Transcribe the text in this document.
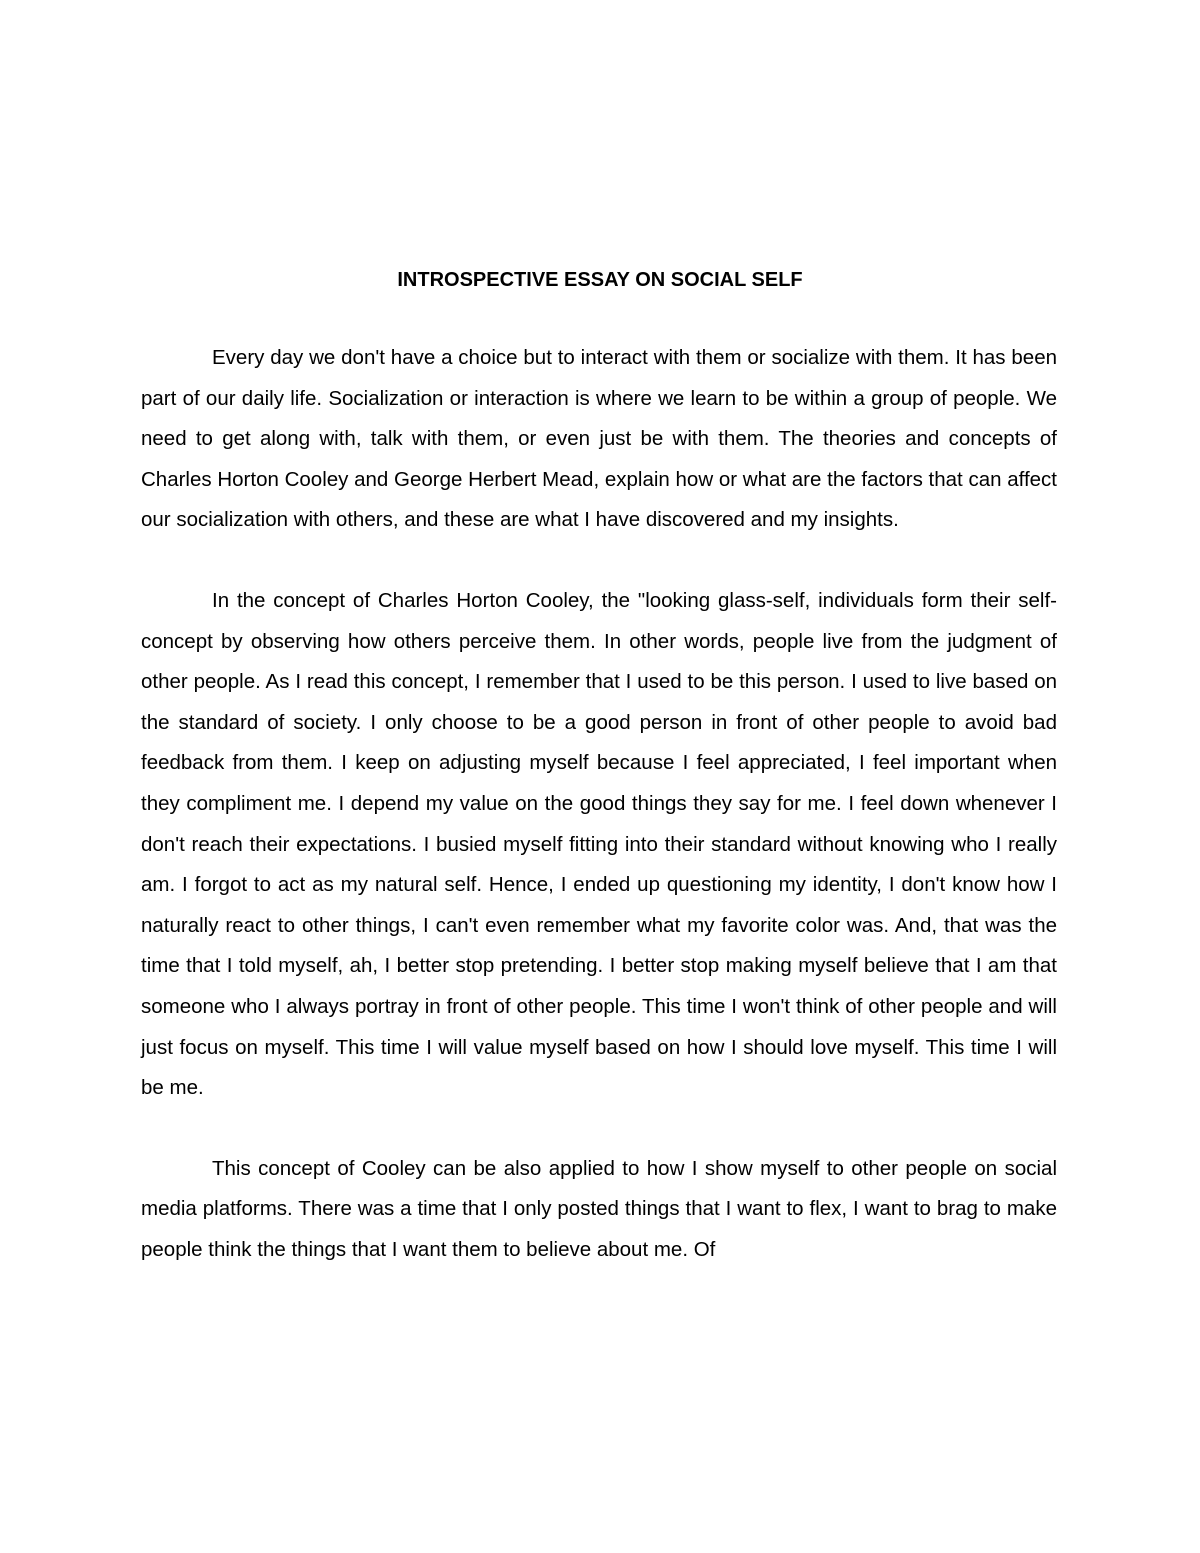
INTROSPECTIVE ESSAY ON SOCIAL SELF

Every day we don't have a choice but to interact with them or socialize with them. It has been part of our daily life. Socialization or interaction is where we learn to be within a group of people. We need to get along with, talk with them, or even just be with them. The theories and concepts of Charles Horton Cooley and George Herbert Mead, explain how or what are the factors that can affect our socialization with others, and these are what I have discovered and my insights.

In the concept of Charles Horton Cooley, the "looking glass-self, individuals form their self-concept by observing how others perceive them. In other words, people live from the judgment of other people. As I read this concept, I remember that I used to be this person. I used to live based on the standard of society. I only choose to be a good person in front of other people to avoid bad feedback from them. I keep on adjusting myself because I feel appreciated, I feel important when they compliment me. I depend my value on the good things they say for me. I feel down whenever I don't reach their expectations. I busied myself fitting into their standard without knowing who I really am. I forgot to act as my natural self. Hence, I ended up questioning my identity, I don't know how I naturally react to other things, I can't even remember what my favorite color was. And, that was the time that I told myself, ah, I better stop pretending. I better stop making myself believe that I am that someone who I always portray in front of other people. This time I won't think of other people and will just focus on myself. This time I will value myself based on how I should love myself. This time I will be me.

This concept of Cooley can be also applied to how I show myself to other people on social media platforms. There was a time that I only posted things that I want to flex, I want to brag to make people think the things that I want them to believe about me. Of
